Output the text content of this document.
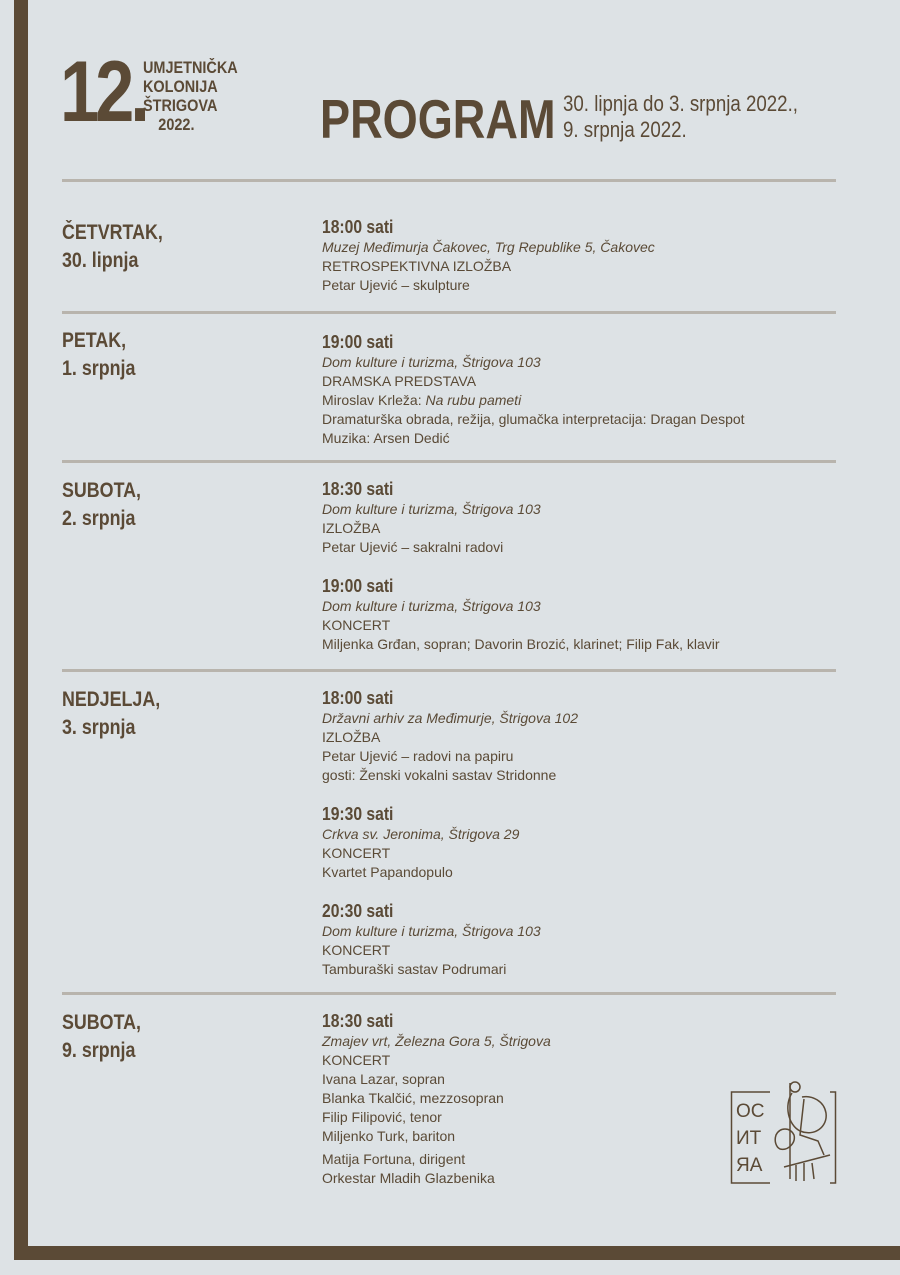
12.
UMJETNIČKA
KOLONIJA
ŠTRIGOVA
2022.	PROGRAM 30. lipnja do 3. srpnja 2022.,
9. srpnja 2022.
ČETVRTAK,
30. lipnja
18:00 sati
Muzej Međimurja Čakovec, Trg Republike 5, Čakovec
RETROSPEKTIVNA IZLOŽBA
Petar Ujević – skulpture
PETAK,
1. srpnja
19:00 sati
Dom kulture i turizma, Štrigova 103
DRAMSKA PREDSTAVA
Miroslav Krleža: Na rubu pameti
Dramaturška obrada, režija, glumačka interpretacija: Dragan Despot
Muzika: Arsen Dedić
SUBOTA,
2. srpnja
18:30 sati
Dom kulture i turizma, Štrigova 103
IZLOŽBA
Petar Ujević – sakralni radovi
19:00 sati
Dom kulture i turizma, Štrigova 103
KONCERT
Miljenka Grđan, sopran; Davorin Brozić, klarinet; Filip Fak, klavir
NEDJELJA,
3. srpnja
18:00 sati
Državni arhiv za Međimurje, Štrigova 102
IZLOŽBA
Petar Ujević – radovi na papiru
gosti: Ženski vokalni sastav Stridonne
19:30 sati
Crkva sv. Jeronima, Štrigova 29
KONCERT
Kvartet Papandopulo
20:30 sati
Dom kulture i turizma, Štrigova 103
KONCERT
Tamburaški sastav Podrumari
SUBOTA,
9. srpnja
18:30 sati
Zmajev vrt, Železna Gora 5, Štrigova
KONCERT
Ivana Lazar, sopran
Blanka Tkalčić, mezzosopran
Filip Filipović, tenor
Miljenko Turk, bariton
Matija Fortuna, dirigent
Orkestar Mladih Glazbenika
OC
ИТ
ЯA
